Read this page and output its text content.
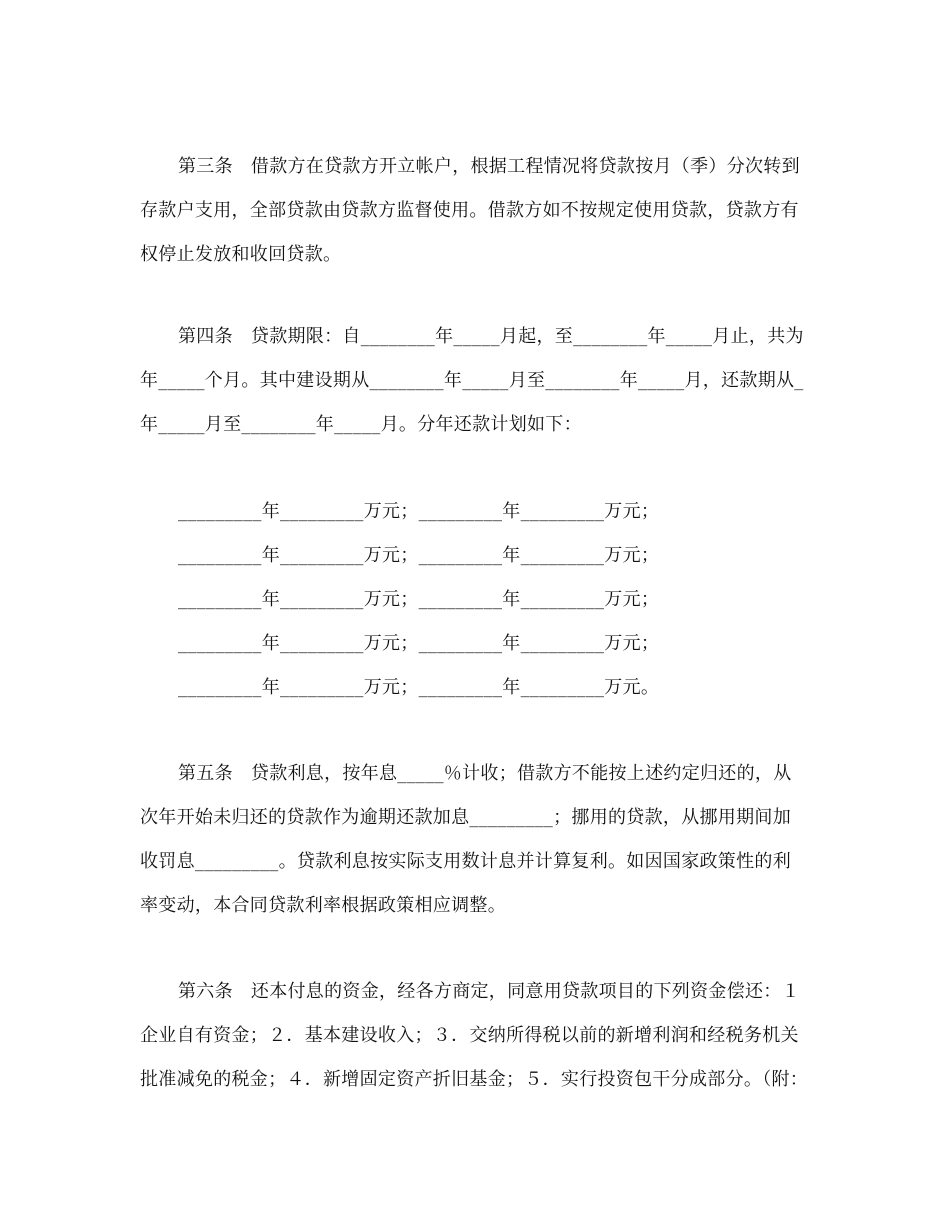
第三条 借款方在贷款方开立帐户，根据工程情况将贷款按月（季）分次转到
存款户支用，全部贷款由贷款方监督使用。借款方如不按规定使用贷款，贷款方有
权停止发放和收回贷款。
第四条 贷款期限：自________年_____月起，至________年_____月止，共为
年_____个月。其中建设期从________年_____月至________年_____月，还款期从_
年_____月至________年_____月。分年还款计划如下：
_________年_________万元；_________年_________万元；
_________年_________万元；_________年_________万元；
_________年_________万元；_________年_________万元；
_________年_________万元；_________年_________万元；
_________年_________万元；_________年_________万元。
第五条 贷款利息，按年息_____％计收；借款方不能按上述约定归还的，从
次年开始未归还的贷款作为逾期还款加息_________；挪用的贷款，从挪用期间加
收罚息_________。贷款利息按实际支用数计息并计算复利。如因国家政策性的利
率变动，本合同贷款利率根据政策相应调整。
第六条 还本付息的资金，经各方商定，同意用贷款项目的下列资金偿还：１
企业自有资金；２．基本建设收入；３．交纳所得税以前的新增利润和经税务机关
批准减免的税金；４．新增固定资产折旧基金；５．实行投资包干分成部分。（附：
